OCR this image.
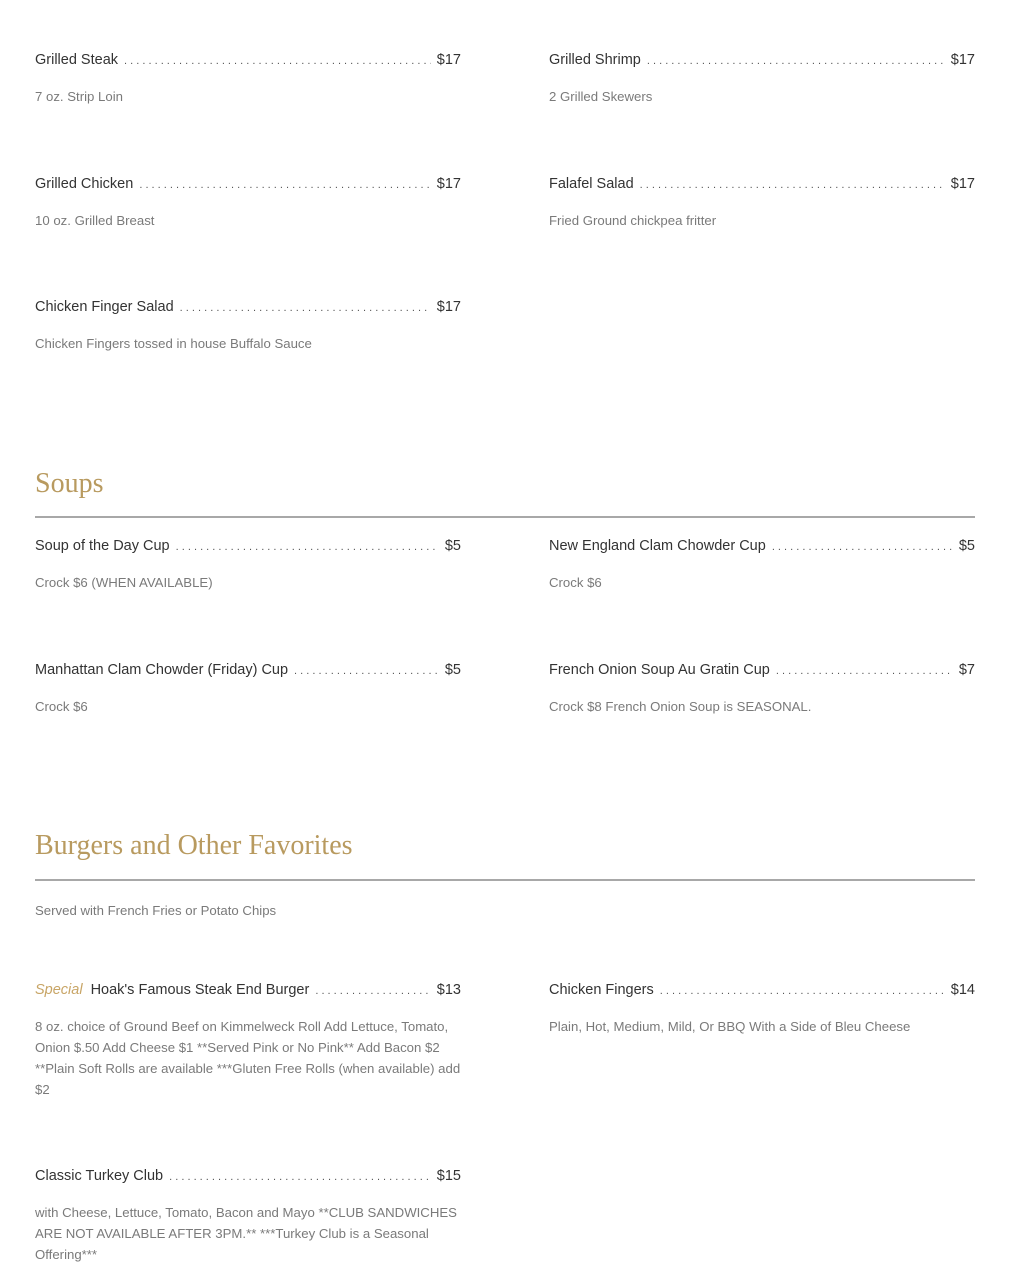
Grilled Steak . . .	$17
7 oz. Strip Loin
Grilled Shrimp . . .	$17
2 Grilled Skewers
Grilled Chicken . . .	$17
10 oz. Grilled Breast
Falafel Salad . . .	$17
Fried Ground chickpea fritter
Chicken Finger Salad . . .	$17
Chicken Fingers tossed in house Buffalo Sauce
Soups
Soup of the Day Cup . . .	$5
Crock $6 (WHEN AVAILABLE)
New England Clam Chowder Cup . . .	$5
Crock $6
Manhattan Clam Chowder (Friday) Cup . . .	$5
Crock $6
French Onion Soup Au Gratin Cup . . .	$7
Crock $8 French Onion Soup is SEASONAL.
Burgers and Other Favorites
Served with French Fries or Potato Chips
Special Hoak's Famous Steak End Burger . . .	$13
8 oz. choice of Ground Beef on Kimmelweck Roll Add Lettuce, Tomato, Onion $.50 Add Cheese $1 **Served Pink or No Pink** Add Bacon $2 **Plain Soft Rolls are available ***Gluten Free Rolls (when available) add $2
Chicken Fingers . . .	$14
Plain, Hot, Medium, Mild, Or BBQ With a Side of Bleu Cheese
Classic Turkey Club . . .	$15
with Cheese, Lettuce, Tomato, Bacon and Mayo **CLUB SANDWICHES ARE NOT AVAILABLE AFTER 3PM.** ***Turkey Club is a Seasonal Offering***
